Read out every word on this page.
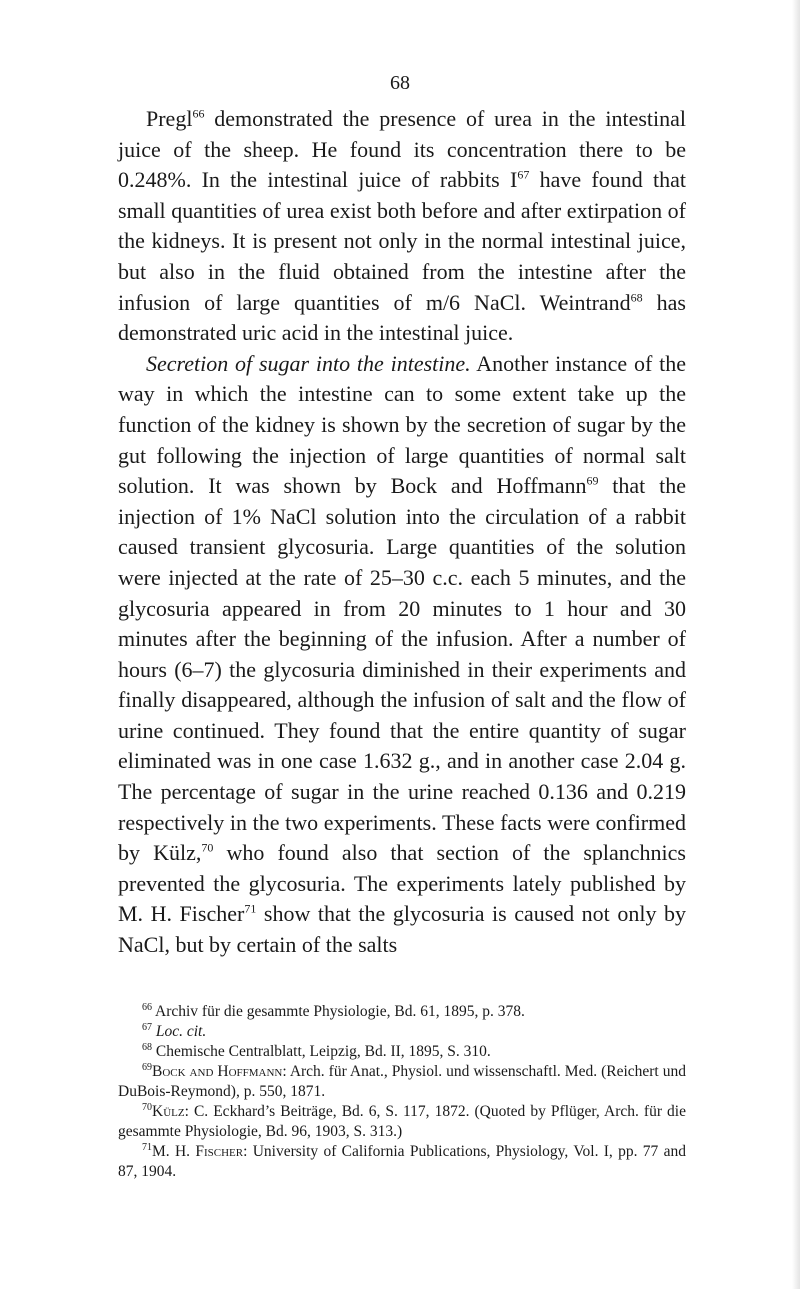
68

Pregl$^{66}$ demonstrated the presence of urea in the intestinal juice of the sheep. He found its concentration there to be 0.248%. In the intestinal juice of rabbits $I^{67}$ have found that small quantities of urea exist both before and after extirpation of the kidneys. It is present not only in the normal intestinal juice, but also in the fluid obtained from the intestine after the infusion of large quantities of m/6 NaCl. Weintrand$^{68}$ has demonstrated uric acid in the intestinal juice.

Secretion of sugar into the intestine. Another instance of the way in which the intestine can to some extent take up the function of the kidney is shown by the secretion of sugar by the gut following the injection of large quantities of normal salt solution. It was shown by Bock and Hoffmann$^{69}$ that the injection of 1% NaCl solution into the circulation of a rabbit caused transient glycosuria. Large quantities of the solution were injected at the rate of 25–30 c.c. each 5 minutes, and the glycosuria appeared in from 20 minutes to 1 hour and 30 minutes after the beginning of the infusion. After a number of hours (6–7) the glycosuria diminished in their experiments and finally disappeared, although the infusion of salt and the flow of urine continued. They found that the entire quantity of sugar eliminated was in one case 1.632 g., and in another case 2.04 g. The percentage of sugar in the urine reached 0.136 and 0.219 respectively in the two experiments. These facts were confirmed by Külz,$^{70}$ who found also that section of the splanchnics prevented the glycosuria. The experiments lately published by M. H. Fischer$^{71}$ show that the glycosuria is caused not only by NaCl, but by certain of the salts

$^{66}$ Archiv für die gesammte Physiologie, Bd. 61, 1895, p. 378.

$^{67}$ Loc. cit.

$^{68}$ Chemische Centralblatt, Leipzig, Bd. II, 1895, S. 310.

$^{69}$Bock and Hoffmann: Arch. für Anat., Physiol. und wissenschaftl. Med. (Reichert und DuBois-Reymond), p. 550, 1871.

$^{70}$Külz: C. Eckhard’s Beiträge, Bd. 6, S. 117, 1872. (Quoted by Pflüger, Arch. für die gesammte Physiologie, Bd. 96, 1903, S. 313.)

$^{71}$M. H. Fischer: University of California Publications, Physiology, Vol. I, pp. 77 and 87, 1904.
